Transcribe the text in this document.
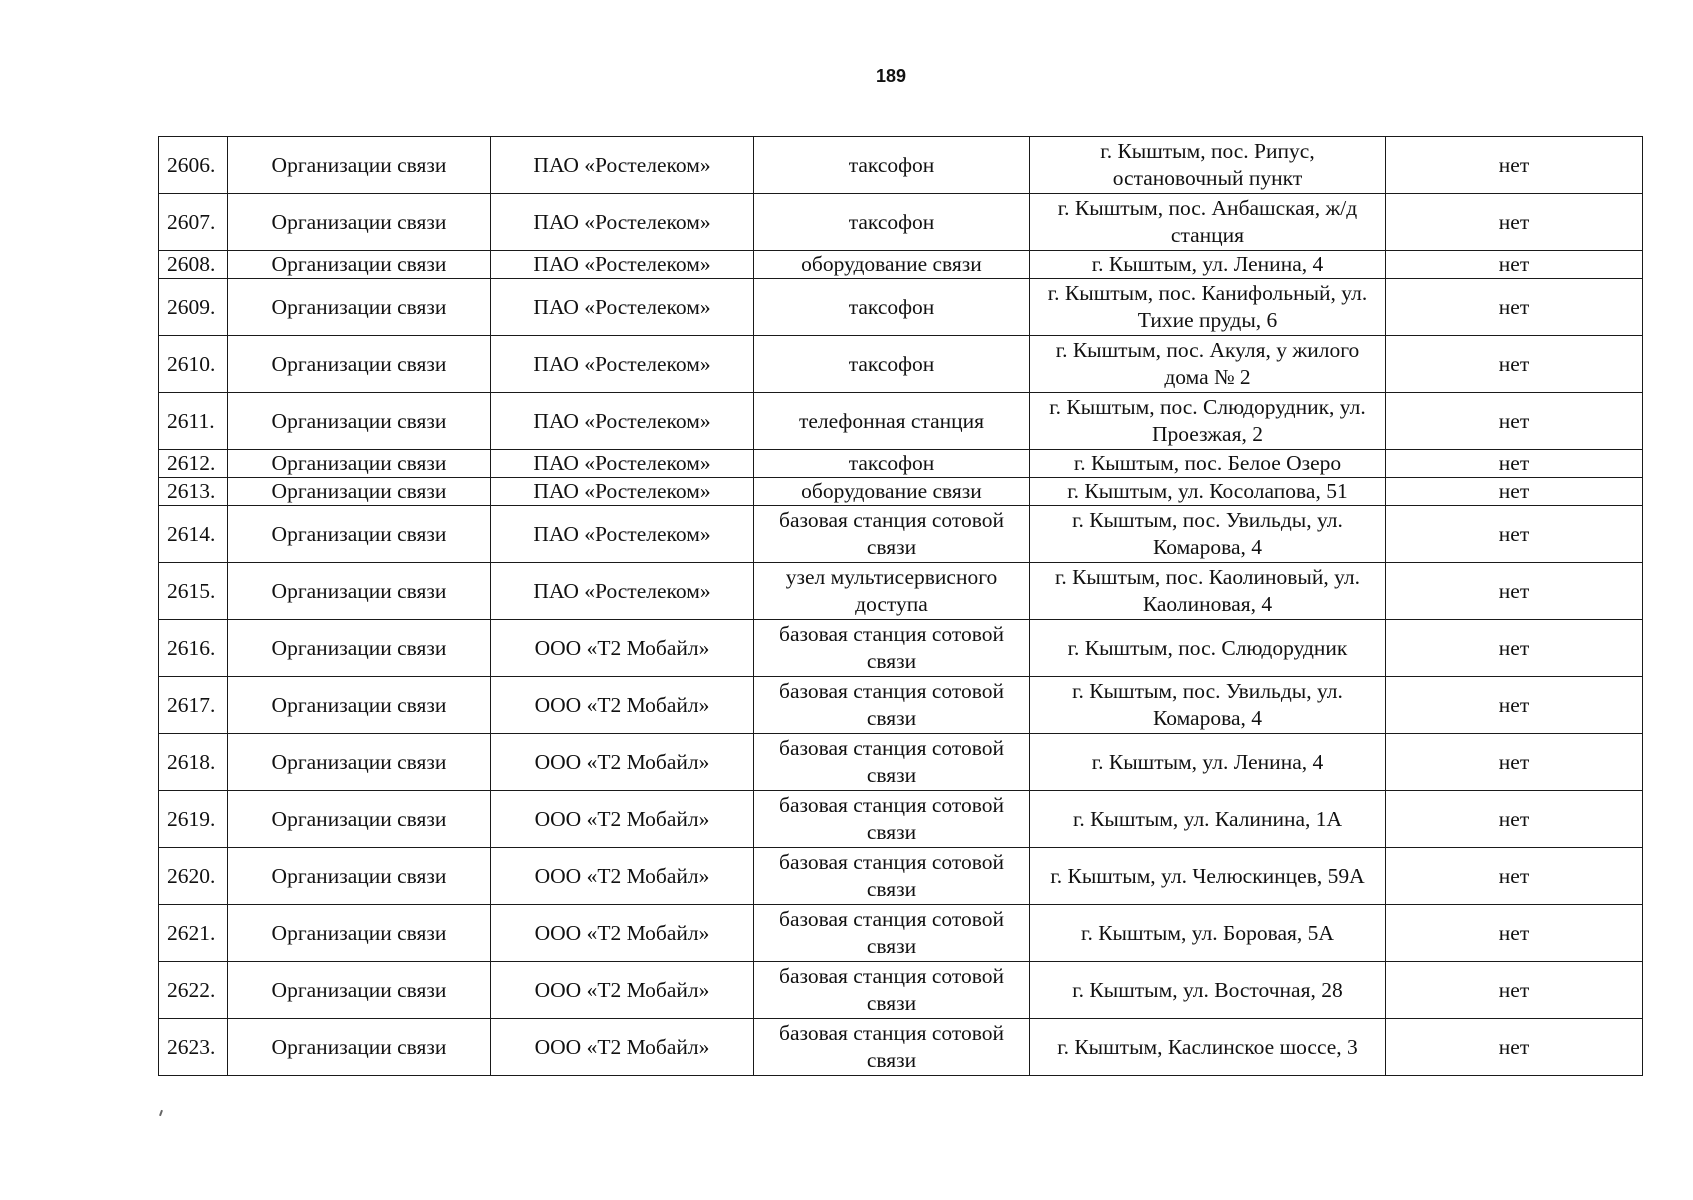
189
2606.	Организации связи	ПАО «Ростелеком»	таксофон	г. Кыштым, пос. Рипус, остановочный пункт	нет
2607.	Организации связи	ПАО «Ростелеком»	таксофон	г. Кыштым, пос. Анбашская, ж/д станция	нет
2608.	Организации связи	ПАО «Ростелеком»	оборудование связи	г. Кыштым, ул. Ленина, 4	нет
2609.	Организации связи	ПАО «Ростелеком»	таксофон	г. Кыштым, пос. Канифольный, ул. Тихие пруды, 6	нет
2610.	Организации связи	ПАО «Ростелеком»	таксофон	г. Кыштым, пос. Акуля, у жилого дома № 2	нет
2611.	Организации связи	ПАО «Ростелеком»	телефонная станция	г. Кыштым, пос. Слюдорудник, ул. Проезжая, 2	нет
2612.	Организации связи	ПАО «Ростелеком»	таксофон	г. Кыштым, пос. Белое Озеро	нет
2613.	Организации связи	ПАО «Ростелеком»	оборудование связи	г. Кыштым, ул. Косолапова, 51	нет
2614.	Организации связи	ПАО «Ростелеком»	базовая станция сотовой связи	г. Кыштым, пос. Увильды, ул. Комарова, 4	нет
2615.	Организации связи	ПАО «Ростелеком»	узел мультисервисного доступа	г. Кыштым, пос. Каолиновый, ул. Каолиновая, 4	нет
2616.	Организации связи	ООО «Т2 Мобайл»	базовая станция сотовой связи	г. Кыштым, пос. Слюдорудник	нет
2617.	Организации связи	ООО «Т2 Мобайл»	базовая станция сотовой связи	г. Кыштым, пос. Увильды, ул. Комарова, 4	нет
2618.	Организации связи	ООО «Т2 Мобайл»	базовая станция сотовой связи	г. Кыштым, ул. Ленина, 4	нет
2619.	Организации связи	ООО «Т2 Мобайл»	базовая станция сотовой связи	г. Кыштым, ул. Калинина, 1А	нет
2620.	Организации связи	ООО «Т2 Мобайл»	базовая станция сотовой связи	г. Кыштым, ул. Челюскинцев, 59А	нет
2621.	Организации связи	ООО «Т2 Мобайл»	базовая станция сотовой связи	г. Кыштым, ул. Боровая, 5А	нет
2622.	Организации связи	ООО «Т2 Мобайл»	базовая станция сотовой связи	г. Кыштым, ул. Восточная, 28	нет
2623.	Организации связи	ООО «Т2 Мобайл»	базовая станция сотовой связи	г. Кыштым, Каслинское шоссе, 3	нет
